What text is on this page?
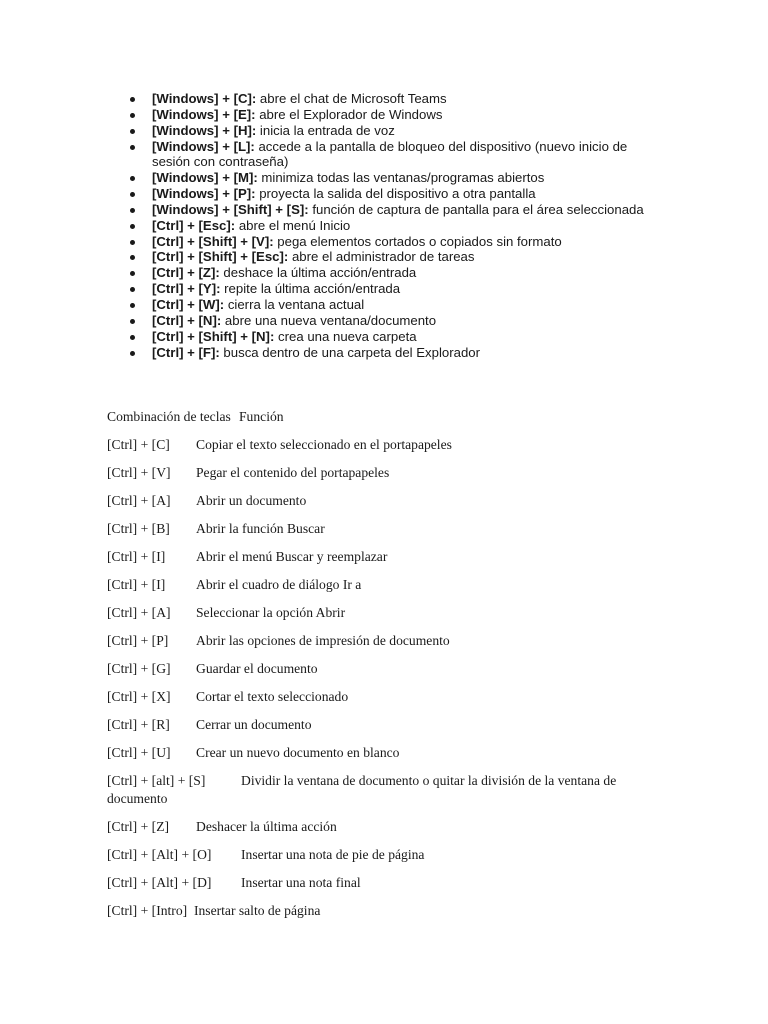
[Windows] + [C]: abre el chat de Microsoft Teams
[Windows] + [E]: abre el Explorador de Windows
[Windows] + [H]: inicia la entrada de voz
[Windows] + [L]: accede a la pantalla de bloqueo del dispositivo (nuevo inicio de sesión con contraseña)
[Windows] + [M]: minimiza todas las ventanas/programas abiertos
[Windows] + [P]: proyecta la salida del dispositivo a otra pantalla
[Windows] + [Shift] + [S]: función de captura de pantalla para el área seleccionada
[Ctrl] + [Esc]: abre el menú Inicio
[Ctrl] + [Shift] + [V]: pega elementos cortados o copiados sin formato
[Ctrl] + [Shift] + [Esc]: abre el administrador de tareas
[Ctrl] + [Z]: deshace la última acción/entrada
[Ctrl] + [Y]: repite la última acción/entrada
[Ctrl] + [W]: cierra la ventana actual
[Ctrl] + [N]: abre una nueva ventana/documento
[Ctrl] + [Shift] + [N]: crea una nueva carpeta
[Ctrl] + [F]: busca dentro de una carpeta del Explorador
Combinación de teclas Función
[Ctrl] + [C] Copiar el texto seleccionado en el portapapeles
[Ctrl] + [V] Pegar el contenido del portapapeles
[Ctrl] + [A] Abrir un documento
[Ctrl] + [B] Abrir la función Buscar
[Ctrl] + [I] Abrir el menú Buscar y reemplazar
[Ctrl] + [I] Abrir el cuadro de diálogo Ir a
[Ctrl] + [A] Seleccionar la opción Abrir
[Ctrl] + [P] Abrir las opciones de impresión de documento
[Ctrl] + [G] Guardar el documento
[Ctrl] + [X] Cortar el texto seleccionado
[Ctrl] + [R] Cerrar un documento
[Ctrl] + [U] Crear un nuevo documento en blanco
[Ctrl] + [alt] + [S]	Dividir la ventana de documento o quitar la división de la ventana de documento
[Ctrl] + [Z] Deshacer la última acción
[Ctrl] + [Alt] + [O] Insertar una nota de pie de página
[Ctrl] + [Alt] + [D] Insertar una nota final
[Ctrl] + [Intro] Insertar salto de página
